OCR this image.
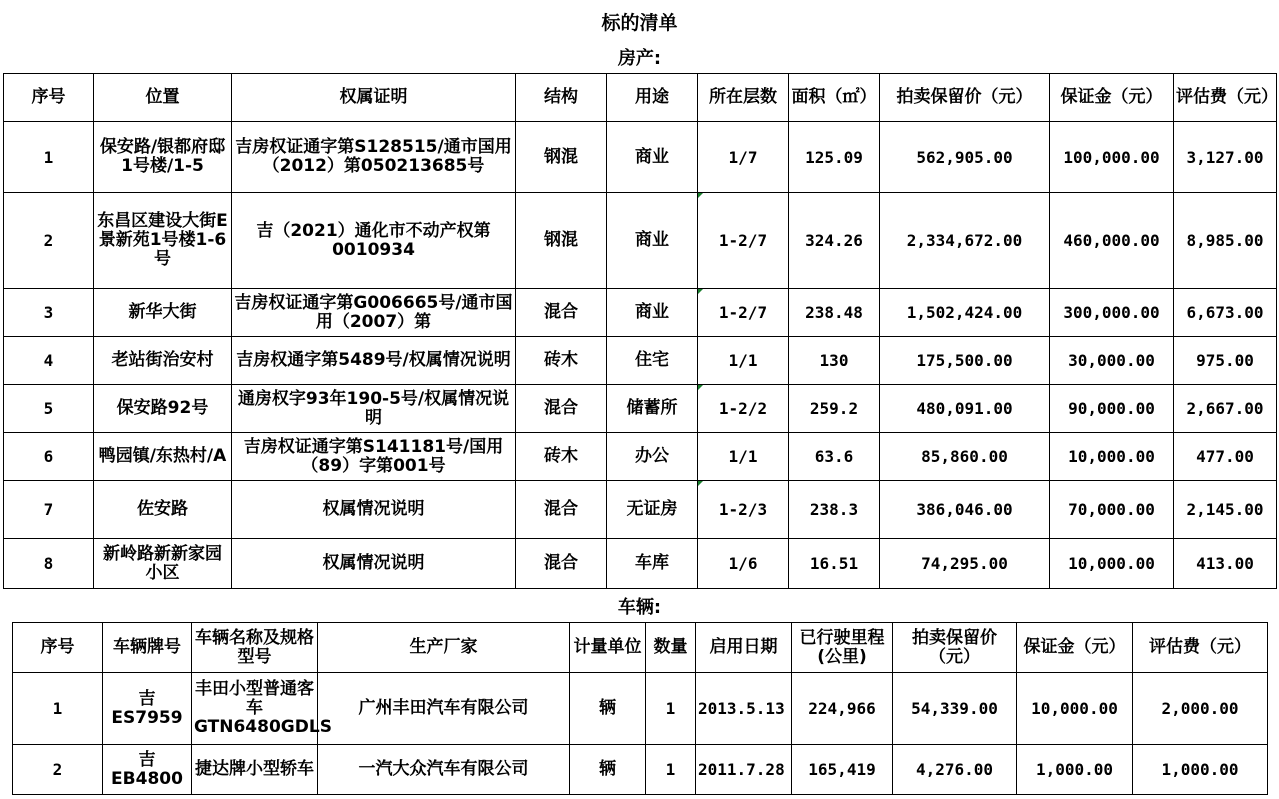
标的清单
房产:
序号	位置	权属证明	结构	用途	所在层数	面积（㎡）	拍卖保留价（元）	保证金（元）	评估费（元）
1	保安路/银都府邸1号楼/1-5	吉房权证通字第S128515/通市国用（2012）第050213685号	钢混	商业	1/7	125.09	562,905.00	100,000.00	3,127.00
2	东昌区建设大街E景新苑1号楼1-6号	吉（2021）通化市不动产权第0010934	钢混	商业	1-2/7	324.26	2,334,672.00	460,000.00	8,985.00
3	新华大街	吉房权证通字第G006665号/通市国用（2007）第	混合	商业	1-2/7	238.48	1,502,424.00	300,000.00	6,673.00
4	老站街治安村	吉房权通字第5489号/权属情况说明	砖木	住宅	1/1	130	175,500.00	30,000.00	975.00
5	保安路92号	通房权字93年190-5号/权属情况说明	混合	储蓄所	1-2/2	259.2	480,091.00	90,000.00	2,667.00
6	鸭园镇/东热村/A	吉房权证通字第S141181号/国用（89）字第001号	砖木	办公	1/1	63.6	85,860.00	10,000.00	477.00
7	佐安路	权属情况说明	混合	无证房	1-2/3	238.3	386,046.00	70,000.00	2,145.00
8	新岭路新新家园小区	权属情况说明	混合	车库	1/6	16.51	74,295.00	10,000.00	413.00
车辆:
序号	车辆牌号	车辆名称及规格型号	生产厂家	计量单位	数量	启用日期	已行驶里程(公里)	拍卖保留价（元）	保证金（元）	评估费（元）
1	吉ES7959	丰田小型普通客车GTN6480GDLS	广州丰田汽车有限公司	辆	1	2013.5.13	224,966	54,339.00	10,000.00	2,000.00
2	吉EB4800	捷达牌小型轿车	一汽大众汽车有限公司	辆	1	2011.7.28	165,419	4,276.00	1,000.00	1,000.00
